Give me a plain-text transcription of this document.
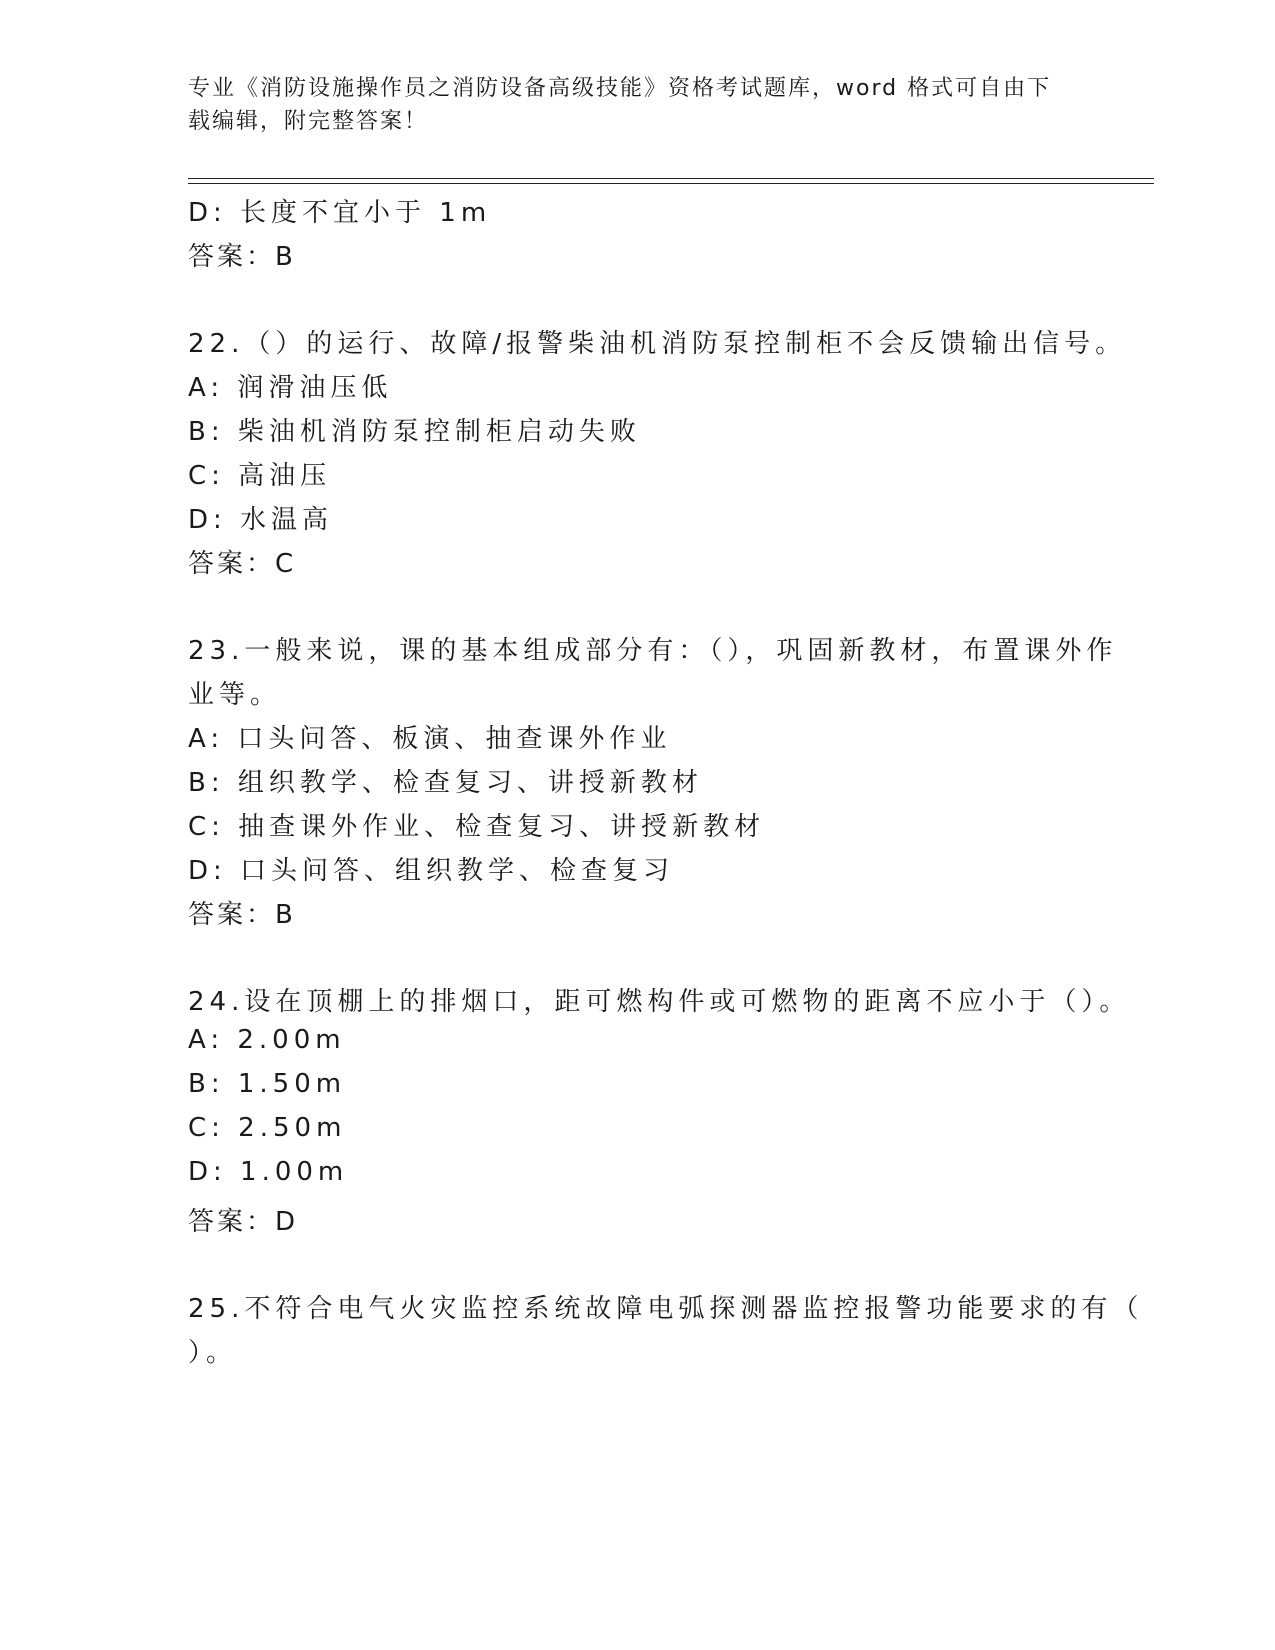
专业《消防设施操作员之消防设备高级技能》资格考试题库，word 格式可自由下
载编辑，附完整答案！
D: 长度不宜小于 1m
答案：B
22.（）的运行、故障/报警柴油机消防泵控制柜不会反馈输出信号。
A: 润滑油压低
B: 柴油机消防泵控制柜启动失败
C: 高油压
D: 水温高
答案：C
23.一般来说，课的基本组成部分有：（），巩固新教材，布置课外作
业等。
A: 口头问答、板演、抽查课外作业
B: 组织教学、检查复习、讲授新教材
C: 抽查课外作业、检查复习、讲授新教材
D: 口头问答、组织教学、检查复习
答案：B
24.设在顶棚上的排烟口，距可燃构件或可燃物的距离不应小于（）。
A: 2.00m
B: 1.50m
C: 2.50m
D: 1.00m
答案：D
25.不符合电气火灾监控系统故障电弧探测器监控报警功能要求的有（
）。
